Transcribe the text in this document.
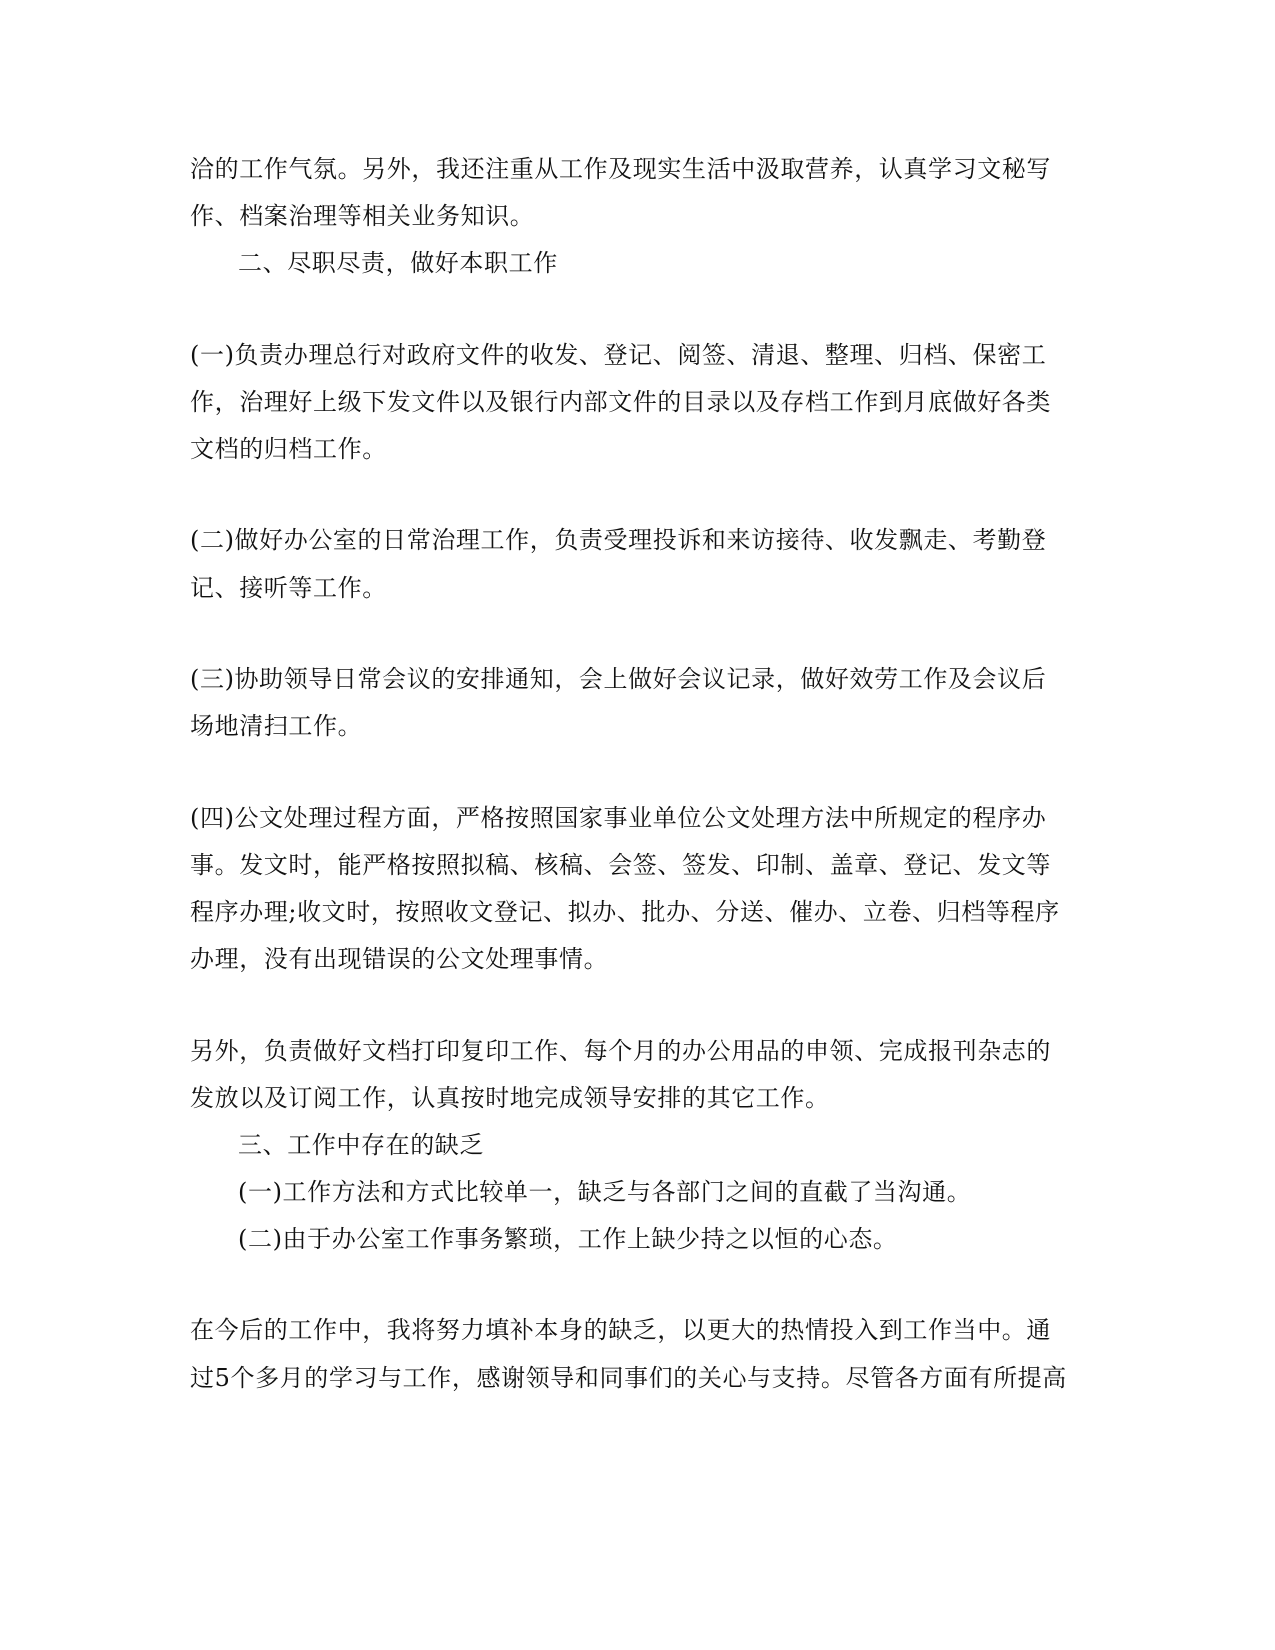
洽的工作气氛。另外，我还注重从工作及现实生活中汲取营养，认真学习文秘写
作、档案治理等相关业务知识。
二、尽职尽责，做好本职工作
(一)负责办理总行对政府文件的收发、登记、阅签、清退、整理、归档、保密工
作，治理好上级下发文件以及银行内部文件的目录以及存档工作到月底做好各类
文档的归档工作。
(二)做好办公室的日常治理工作，负责受理投诉和来访接待、收发飘走、考勤登
记、接听等工作。
(三)协助领导日常会议的安排通知，会上做好会议记录，做好效劳工作及会议后
场地清扫工作。
(四)公文处理过程方面，严格按照国家事业单位公文处理方法中所规定的程序办
事。发文时，能严格按照拟稿、核稿、会签、签发、印制、盖章、登记、发文等
程序办理;收文时，按照收文登记、拟办、批办、分送、催办、立卷、归档等程序
办理，没有出现错误的公文处理事情。
另外，负责做好文档打印复印工作、每个月的办公用品的申领、完成报刊杂志的
发放以及订阅工作，认真按时地完成领导安排的其它工作。
三、工作中存在的缺乏
(一)工作方法和方式比较单一，缺乏与各部门之间的直截了当沟通。
(二)由于办公室工作事务繁琐，工作上缺少持之以恒的心态。
在今后的工作中，我将努力填补本身的缺乏，以更大的热情投入到工作当中。通
过5个多月的学习与工作，感谢领导和同事们的关心与支持。尽管各方面有所提高
